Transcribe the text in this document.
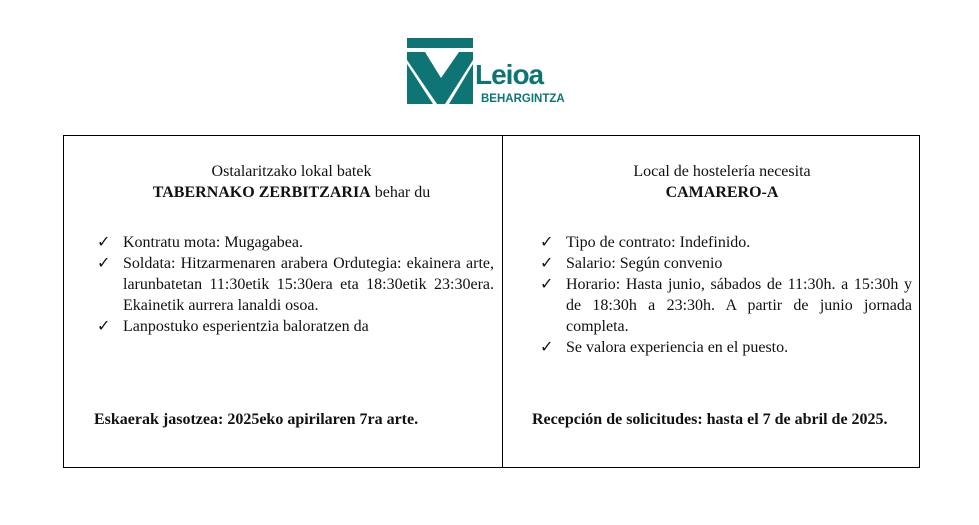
Leioa
BEHARGINTZA
Ostalaritzako lokal batek
TABERNAKO ZERBITZARIA behar du
✓ Kontratu mota: Mugagabea.
✓ Soldata: Hitzarmenaren arabera Ordutegia: ekainera arte, larunbatetan 11:30etik 15:30era eta 18:30etik 23:30era. Ekainetik aurrera lanaldi osoa.
✓ Lanpostuko esperientzia baloratzen da
Eskaerak jasotzea: 2025eko apirilaren 7ra arte.
Local de hostelería necesita
CAMARERO-A
✓ Tipo de contrato: Indefinido.
✓ Salario: Según convenio
✓ Horario: Hasta junio, sábados de 11:30h. a 15:30h y de 18:30h a 23:30h. A partir de junio jornada completa.
✓ Se valora experiencia en el puesto.
Recepción de solicitudes: hasta el 7 de abril de 2025.
